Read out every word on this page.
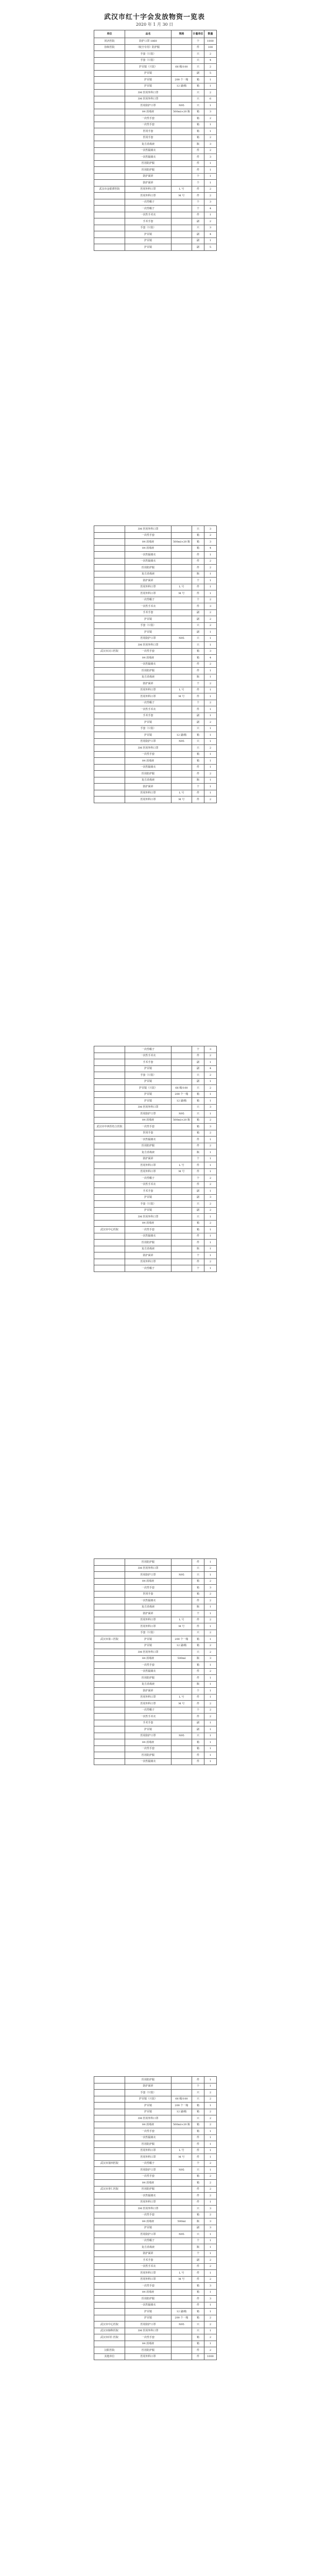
武汉市红十字会发放物资一览表
2020 年 1 月 30 日
单位	品名	规格	计量单位	数量
同济医院	防护口罩 1860		个	1000
协和医院	（航空专用）防护服		件	100
	手套（只装）		只	2
	手套（只装）		只	4
	护目镜（只装）	66 级/100	只	2
	护目镜		副	5
	护目镜	200 个一箱	箱	1
	护目镜	12 副/箱	箱	1
	3M 医用外科口罩		只	2
	3M 医用外科口罩		只	6
	医用防护口罩	N95	只	1
	84 消毒液	500ml×20 瓶	箱	3
	一次性手套		箱	2
	一次性手套		箱	1
	医用手套		箱	1
	医用手套		箱	2
	复方消毒液		瓶	3
	一次性隔离衣		件	2
	一次性隔离衣		件	3
	医用防护服		件	1
	医用防护服		件	1
	防护面屏		个	1
	防护面屏		个	1
武汉市金银潭医院	医用外科口罩	L 号	件	2
	医用外科口罩	M 号	件	2
	一次性帽子		个	3
	一次性帽子		个	4
	一次性手术衣		件	1
	手术手套		副	2
	手套（只装）		只	3
	护目镜		副	4
	护目镜		副	1
	护目镜		副	5
	3M 医用外科口罩		只	3
	一次性手套		箱	2
	84 消毒液	500ml×20 瓶	箱	3
	84 消毒液		箱	4
	一次性隔离衣		件	1
	一次性隔离衣		件	2
	医用防护服		件	2
	复方消毒液		瓶	1
	防护面屏		个	1
	医用外科口罩	L 号	件	1
	医用外科口罩	M 号	件	1
	一次性帽子		个	2
	一次性手术衣		件	3
	手术手套		副	2
	护目镜		副	2
	手套（只装）		只	2
	护目镜		副	1
	医用防护口罩	N95	只	1
	3M 医用外科口罩		只	1
武汉市汉口医院	一次性手套		箱	3
	84 消毒液		箱	4
	一次性隔离衣		件	2
	医用防护服		件	1
	复方消毒液		瓶	1
	防护面屏		个	2
	医用外科口罩	L 号	件	1
	医用外科口罩	M 号	件	1
	一次性帽子		个	2
	一次性手术衣		件	1
	手术手套		副	1
	护目镜		副	2
	手套（只装）		只	1
	护目镜	12 副/箱	箱	1
	医用防护口罩	N95	只	1
	3M 医用外科口罩		只	2
	一次性手套		箱	1
	84 消毒液		箱	1
	一次性隔离衣		件	1
	医用防护服		件	2
	复方消毒液		瓶	1
	防护面屏		个	1
	医用外科口罩	L 号	件	1
	医用外科口罩	M 号	件	2
	一次性帽子		个	3
	一次性手术衣		件	2
	手术手套		副	1
	护目镜		副	4
	手套（只装）		只	2
	护目镜		副	1
	护目镜（只装）	66 级/100	只	2
	护目镜	200 个一箱	箱	1
	护目镜	12 副/箱	箱	1
	3M 医用外科口罩		只	3
	医用防护口罩	N95	只	1
	84 消毒液	500ml×20 瓶	箱	2
武汉市中西医结合医院	一次性手套		箱	3
	医用手套		箱	2
	一次性隔离衣		件	1
	医用防护服		件	2
	复方消毒液		瓶	1
	防护面屏		个	1
	医用外科口罩	L 号	件	1
	医用外科口罩	M 号	件	1
	一次性帽子		个	2
	一次性手术衣		件	2
	手术手套		副	1
	护目镜		副	3
	手套（只装）		只	2
	护目镜		副	2
	3M 医用外科口罩		只	1
	84 消毒液		箱	2
武汉市中心医院	一次性手套		箱	1
	一次性隔离衣		件	1
	医用防护服		件	1
	复方消毒液		瓶	1
	防护面屏		个	1
	医用外科口罩		件	2
	一次性帽子		个	1
	医用防护服		件	1
	3M 医用外科口罩		只	2
	医用防护口罩	N95	只	1
	84 消毒液		箱	2
	一次性手套		箱	3
	医用手套		箱	2
	一次性隔离衣		件	2
	复方消毒液		瓶	1
	防护面屏		个	1
	医用外科口罩	L 号	件	2
	医用外科口罩	M 号	件	1
	手套（只装）		只	2
武汉市第三医院	护目镜	200 个一箱	箱	1
	护目镜	12 副/箱	箱	2
	3M 医用外科口罩		只	2
	84 消毒液	500ml	瓶	3
	一次性手套		箱	1
	一次性隔离衣		件	2
	医用防护服		件	1
	复方消毒液		瓶	1
	防护面屏		个	1
	医用外科口罩	L 号	件	1
	医用外科口罩	M 号	件	2
	一次性帽子		个	2
	一次性手术衣		件	2
	手术手套		副	1
	护目镜		副	1
	医用防护口罩	N95	只	1
	84 消毒液		箱	1
	一次性手套		箱	1
	医用防护服		件	1
	一次性隔离衣		件	1
	医用防护服		件	1
	防护面屏		个	1
	手套（只装）		只	2
	护目镜（只装）	66 级/100	只	2
	护目镜	200 个一箱	箱	1
	护目镜	12 副/箱	箱	2
	3M 医用外科口罩		只	2
	84 消毒液	500ml×20 瓶	箱	2
	一次性手套		箱	1
	一次性隔离衣		件	1
	医用防护服		件	1
	医用外科口罩	L 号	件	1
	医用外科口罩	M 号	件	1
武汉市第四医院	一次性帽子		个	2
	医用防护口罩	N95	只	1
	一次性手套		箱	2
	84 消毒液		箱	2
武汉市普仁医院	医用防护服		件	2
	一次性隔离衣		件	2
	医用外科口罩		件	1
	3M 医用外科口罩		只	3
	一次性手套		箱	2
	84 消毒液	500ml	瓶	3
	护目镜		副	3
	医用防护口罩	N95	只	1
	一次性帽子		个	1
	复方消毒液		瓶	1
	防护面屏		个	1
	手术手套		副	2
	一次性手术衣		件	2
	医用外科口罩	L 号	件	1
	医用外科口罩	M 号	件	2
	一次性手套		箱	3
	84 消毒液		箱	1
	医用防护服		件	3
	一次性隔离衣		件	1
	护目镜	12 副/箱	箱	1
	护目镜	200 个一箱	箱	2
武汉市中心医院	医用防护口罩	N95	只	2
武汉市肺科医院	3M 医用外科口罩		只	1
武汉市同仁医院	一次性手套		箱	2
	84 消毒液		箱	1
汉阳医院	医用防护服		件	2
其他单位	医用外科口罩		件	1000
